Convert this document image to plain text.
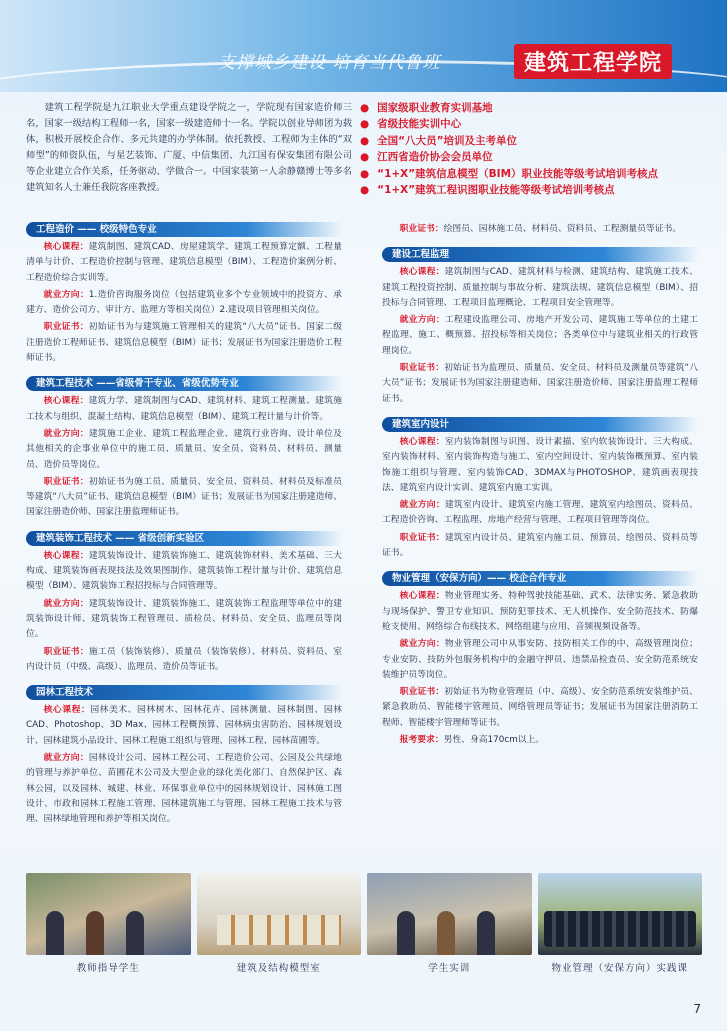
支撑城乡建设 培育当代鲁班	建筑工程学院
建筑工程学院是九江职业大学重点建设学院之一，学院现有国家造价师三名，国家一级结构工程师一名，国家一级建造师十一名。学院以创业导师团为载体，积极开展校企合作、多元共建的办学体制。依托教授、工程师为主体的“双师型”的师资队伍，与星艺装饰、广厦、中信集团、九江国有保安集团有限公司等企业建立合作关系，任务驱动、学做合一。中国家装第一人余静赣博士等多名建筑知名人士兼任我院客座教授。
● 国家级职业教育实训基地
● 省级技能实训中心
● 全国“八大员”培训及主考单位
● 江西省造价协会会员单位
● “1+X”建筑信息模型（BIM）职业技能等级考试培训考核点
● “1+X”建筑工程识图职业技能等级考试培训考核点
工程造价 —— 校级特色专业

核心课程：建筑制图、建筑CAD、房屋建筑学、建筑工程预算定额、工程量清单与计价、工程造价控制与管理、建筑信息模型（BIM）、工程造价案例分析、工程造价综合实训等。

就业方向：1.造价咨询服务岗位（包括建筑业多个专业领域中的投资方、承建方、造价公司方、审计方、监理方等相关岗位）2.建设项目管理相关岗位。

职业证书：初始证书为与建筑施工管理相关的建筑“八大员”证书、国家二级注册造价工程师证书、建筑信息模型（BIM）证书；发展证书为国家注册造价工程师证书。

建筑工程技术 ——省级骨干专业、省级优势专业

核心课程：建筑力学、建筑制图与CAD、建筑材料、建筑工程测量、建筑施工技术与组织、混凝土结构、建筑信息模型（BIM）、建筑工程计量与计价等。

就业方向：建筑施工企业、建筑工程监理企业、建筑行业咨询、设计单位及其他相关的企事业单位中的施工员、质量员、安全员、资料员、材料员、测量员、造价员等岗位。

职业证书：初始证书为施工员、质量员、安全员、资料员、材料员及标准员等建筑“八大员”证书、建筑信息模型（BIM）证书；发展证书为国家注册建造师、国家注册造价师、国家注册监理师证书。

建筑装饰工程技术 —— 省级创新实验区

核心课程：建筑装饰设计、建筑装饰施工、建筑装饰材料、美术基础、三大构成、建筑装饰画表现技法及效果图制作、建筑装饰工程计量与计价、建筑信息模型（BIM）、建筑装饰工程招投标与合同管理等。

就业方向：建筑装饰设计、建筑装饰施工、建筑装饰工程监理等单位中的建筑装饰设计师、建筑装饰工程管理员、质检员、材料员、安全员、监理员等岗位。

职业证书：施工员（装饰装修）、质量员（装饰装修）、材料员、资料员、室内设计员（中级、高级）、监理员、造价员等证书。

园林工程技术

核心课程：园林美术、园林树木、园林花卉、园林测量、园林制图、园林CAD、Photoshop、3D Max、园林工程概预算、园林病虫害防治、园林规划设计、园林建筑小品设计、园林工程施工组织与管理、园林工程、园林苗圃等。

就业方向：园林设计公司、园林工程公司、工程造价公司、公园及公共绿地的管理与养护单位、苗圃花木公司及大型企业的绿化美化部门、自然保护区、森林公园，以及园林、城建、林业、环保事业单位中的园林规划设计、园林施工图设计、市政和园林工程施工管理、园林建筑施工与管理、园林工程施工技术与管理、园林绿地管理和养护等相关岗位。

职业证书：绘图员、园林施工员、材料员、资料员、工程测量员等证书。

建设工程监理

核心课程：建筑制图与CAD、建筑材料与检测、建筑结构、建筑施工技术、建筑工程投资控制、质量控制与事故分析、建筑法规、建筑信息模型（BIM）、招投标与合同管理、工程项目监理概论、工程项目安全管理等。

就业方向：工程建设监理公司、房地产开发公司、建筑施工等单位的土建工程监理、施工、概预算、招投标等相关岗位；各类单位中与建筑业相关的行政管理岗位。

职业证书：初始证书为监理员、质量员、安全员、材料员及测量员等建筑“八大员”证书；发展证书为国家注册建造师、国家注册造价师、国家注册监理工程师证书。

建筑室内设计

核心课程：室内装饰制图与识图、设计素描、室内软装饰设计、三大构成、室内装饰材料、室内装饰构造与施工、室内空间设计、室内装饰概预算、室内装饰施工组织与管理、室内装饰CAD、3DMAX与PHOTOSHOP、建筑画表现技法、建筑室内设计实训、建筑室内施工实训。

就业方向：建筑室内设计、建筑室内施工管理、建筑室内绘图员、资料员、工程造价咨询、工程监理、房地产经营与管理、工程项目管理等岗位。

职业证书：建筑室内设计员、建筑室内施工员、预算员、绘图员、资料员等证书。

物业管理（安保方向）—— 校企合作专业

核心课程：物业管理实务、特种驾驶技能基础、武术、法律实务、紧急救助与现场保护、警卫专业知识、预防犯罪技术、无人机操作、安全防范技术、防爆枪支使用、网络综合布线技术、网络组建与应用、音频视频设备等。

就业方向：物业管理公司中从事安防、技防相关工作的中、高级管理岗位；专业安防、技防外包服务机构中的金融守押员、违禁品检查员、安全防范系统安装维护员等岗位。

职业证书：初始证书为物业管理员（中、高级）、安全防范系统安装维护员、紧急救助员、智能楼宇管理员、网络管理员等证书；发展证书为国家注册消防工程师、智能楼宇管理师等证书。

报考要求：男性、身高170cm以上。

教师指导学生	建筑及结构模型室	学生实训	物业管理（安保方向）实践课
7
